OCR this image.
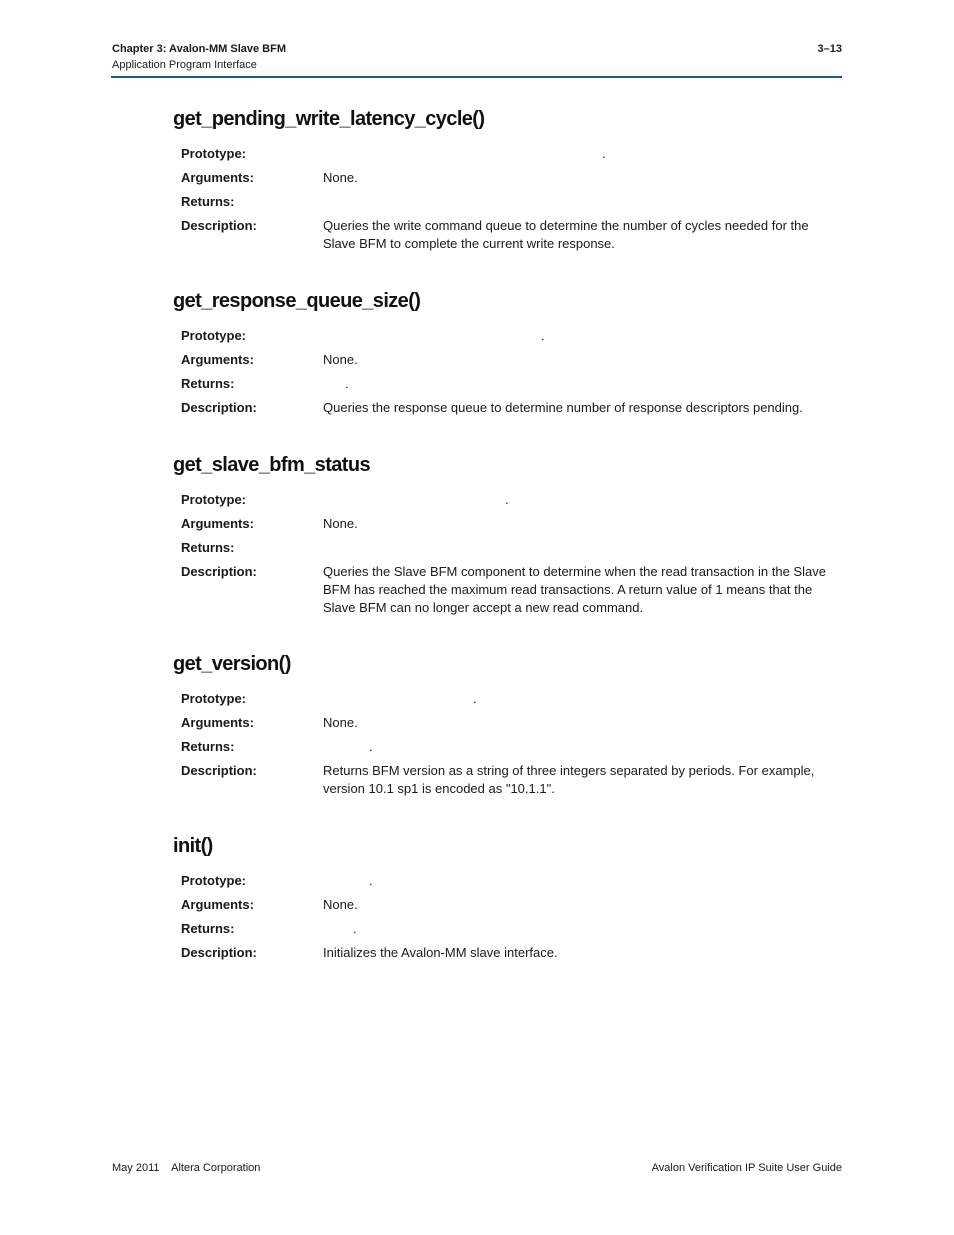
Chapter 3: Avalon-MM Slave BFM
Application Program Interface
3–13
get_pending_write_latency_cycle()
Prototype:	.
Arguments:	None.
Returns:
Description:	Queries the write command queue to determine the number of cycles needed for the Slave BFM to complete the current write response.
get_response_queue_size()
Prototype:	.
Arguments:	None.
Returns:	.
Description:	Queries the response queue to determine number of response descriptors pending.
get_slave_bfm_status
Prototype:	.
Arguments:	None.
Returns:
Description:	Queries the Slave BFM component to determine when the read transaction in the Slave BFM has reached the maximum read transactions. A return value of 1 means that the Slave BFM can no longer accept a new read command.
get_version()
Prototype:	.
Arguments:	None.
Returns:	.
Description:	Returns BFM version as a string of three integers separated by periods. For example, version 10.1 sp1 is encoded as "10.1.1".
init()
Prototype:	.
Arguments:	None.
Returns:	.
Description:	Initializes the Avalon-MM slave interface.
May 2011 Altera Corporation	Avalon Verification IP Suite User Guide
